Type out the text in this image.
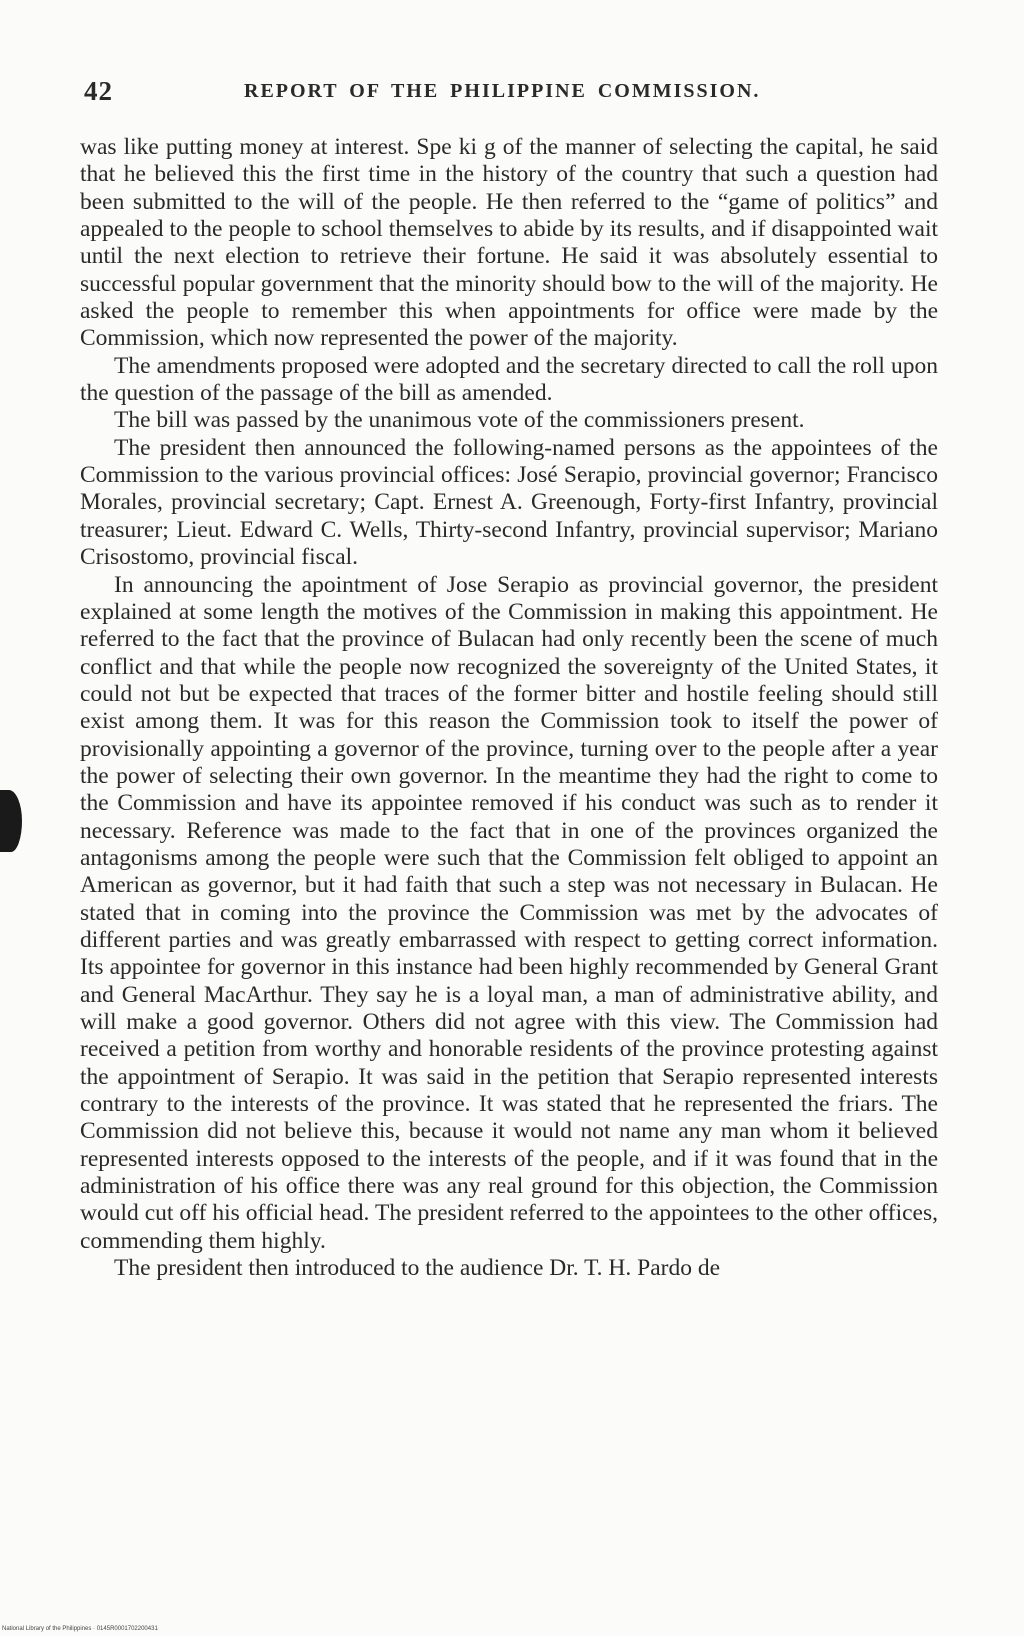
42	REPORT OF THE PHILIPPINE COMMISSION.

was like putting money at interest. Spe ki g of the manner of selecting the capital, he said that he believed this the first time in the history of the country that such a question had been submitted to the will of the people. He then referred to the “game of politics” and appealed to the people to school themselves to abide by its results, and if disappointed wait until the next election to retrieve their fortune. He said it was absolutely essential to successful popular government that the minority should bow to the will of the majority. He asked the people to remember this when appointments for office were made by the Commission, which now represented the power of the majority.

The amendments proposed were adopted and the secretary directed to call the roll upon the question of the passage of the bill as amended.

The bill was passed by the unanimous vote of the commissioners present.

The president then announced the following-named persons as the appointees of the Commission to the various provincial offices: José Serapio, provincial governor; Francisco Morales, provincial secretary; Capt. Ernest A. Greenough, Forty-first Infantry, provincial treasurer; Lieut. Edward C. Wells, Thirty-second Infantry, provincial supervisor; Mariano Crisostomo, provincial fiscal.

In announcing the apointment of Jose Serapio as provincial governor, the president explained at some length the motives of the Commission in making this appointment. He referred to the fact that the province of Bulacan had only recently been the scene of much conflict and that while the people now recognized the sovereignty of the United States, it could not but be expected that traces of the former bitter and hostile feeling should still exist among them. It was for this reason the Commission took to itself the power of provisionally appointing a governor of the province, turning over to the people after a year the power of selecting their own governor. In the meantime they had the right to come to the Commission and have its appointee removed if his conduct was such as to render it necessary. Reference was made to the fact that in one of the provinces organized the antagonisms among the people were such that the Commission felt obliged to appoint an American as governor, but it had faith that such a step was not necessary in Bulacan. He stated that in coming into the province the Commission was met by the advocates of different parties and was greatly embarrassed with respect to getting correct information. Its appointee for governor in this instance had been highly recommended by General Grant and General MacArthur. They say he is a loyal man, a man of administrative ability, and will make a good governor. Others did not agree with this view. The Commission had received a petition from worthy and honorable residents of the province protesting against the appointment of Serapio. It was said in the petition that Serapio represented interests contrary to the interests of the province. It was stated that he represented the friars. The Commission did not believe this, because it would not name any man whom it believed represented interests opposed to the interests of the people, and if it was found that in the administration of his office there was any real ground for this objection, the Commission would cut off his official head. The president referred to the appointees to the other offices, commending them highly.

The president then introduced to the audience Dr. T. H. Pardo de

National Library of the Philippines · 0145R0001702200431
